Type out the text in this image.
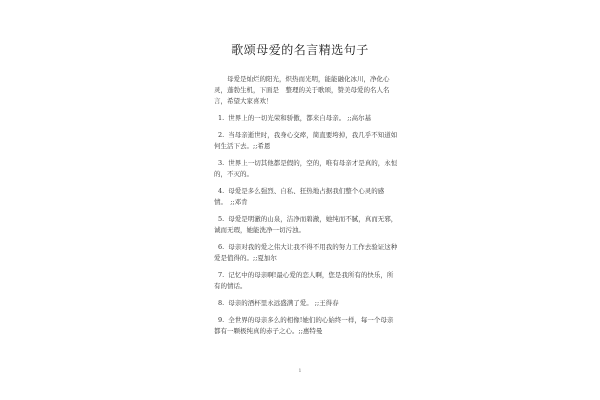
歌颂母爱的名言精选句子

母爱是灿烂的阳光，炽热而光明，能能融化冰川，净化心灵，蓬勃生机，下面是　整理的关于歌颂，赞美母爱的名人名言，希望大家喜欢！

1. 世界上的一切光荣和骄傲，都来自母亲。 ;;高尔基

2. 当母亲逝世时，我身心交瘁，简直要垮掉，我几乎不知道如何生活下去。;;希恩

3. 世界上一切其他都是假的，空的，唯有母亲才是真的，永恒的，不灭的。

4. 母爱是多么强烈、自私、狂热地占据我们整个心灵的感情。　;;邓肯

5. 母爱是明澈的山泉，洁净而碧澈，她纯而不腻，真而无邪，诚而无瑕，她能洗净一切污浊。

6. 母亲对我的爱之伟大让我不得不用我的努力工作去验证这种爱是值得的。;;夏加尔

7. 记忆中的母亲啊!最心爱的恋人啊，您是我所有的快乐，所有的情话。

8. 母亲的酒杯里永远盛满了爱。 ;;王得春

9. 全世界的母亲多么的相像!她们的心始终一样，每一个母亲都有一颗极纯真的赤子之心。;;惠特曼

1
